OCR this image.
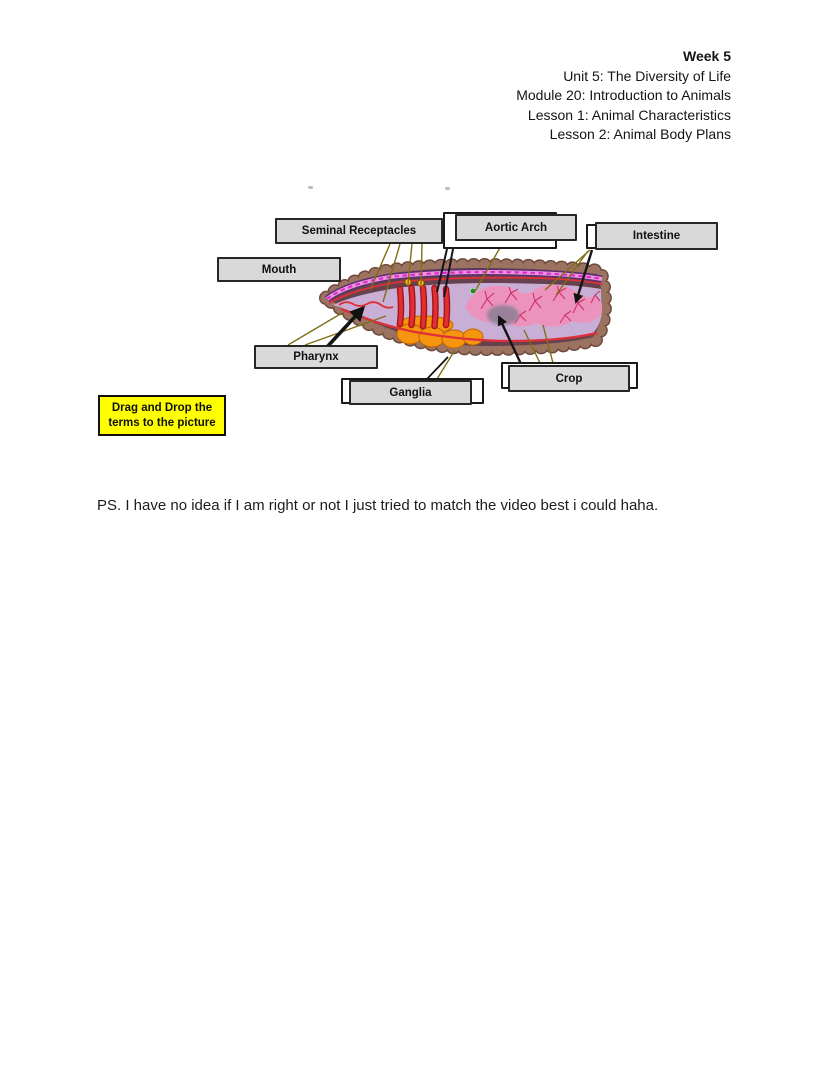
Week 5
Unit 5: The Diversity of Life
Module 20: Introduction to Animals
Lesson 1: Animal Characteristics
Lesson 2: Animal Body Plans
Seminal Receptacles	Aortic Arch
Intestine
Mouth
Pharynx
Ganglia
Crop
Drag and Drop the
terms to the picture
PS. I have no idea if I am right or not I just tried to match the video best i could haha.
